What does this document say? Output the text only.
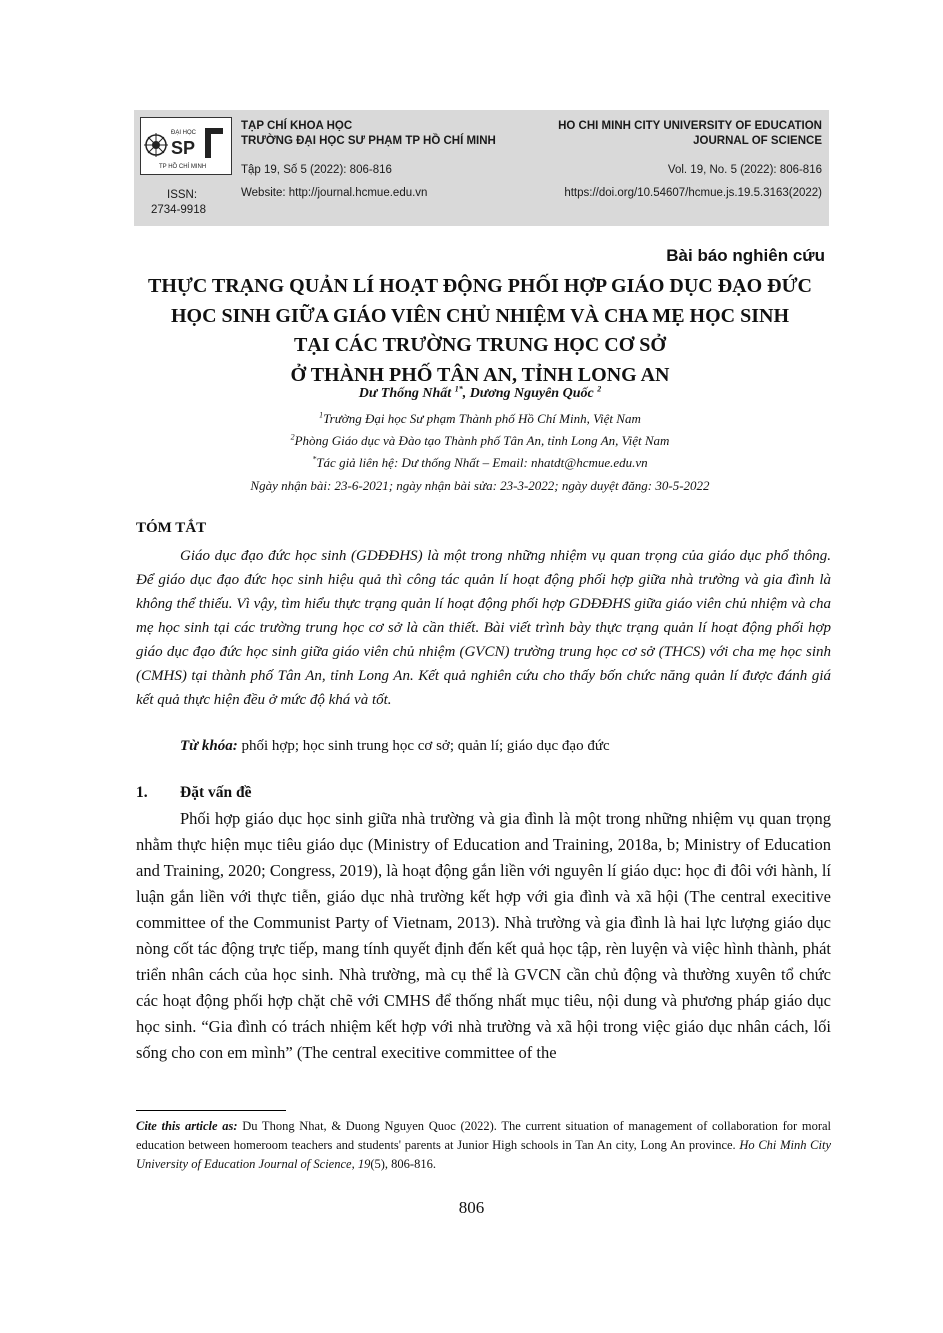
ĐẠI HỌC
SP
TP HỒ CHÍ MINH
ISSN:
2734-9918
TẠP CHÍ KHOA HỌC
TRƯỜNG ĐẠI HỌC SƯ PHẠM TP HỒ CHÍ MINH
Tập 19, Số 5 (2022): 806-816
Website: http://journal.hcmue.edu.vn
HO CHI MINH CITY UNIVERSITY OF EDUCATION
JOURNAL OF SCIENCE
Vol. 19, No. 5 (2022): 806-816
https://doi.org/10.54607/hcmue.js.19.5.3163(2022)
Bài báo nghiên cứu
THỰC TRẠNG QUẢN LÍ HOẠT ĐỘNG PHỐI HỢP GIÁO DỤC ĐẠO ĐỨC
HỌC SINH GIỮA GIÁO VIÊN CHỦ NHIỆM VÀ CHA MẸ HỌC SINH
TẠI CÁC TRƯỜNG TRUNG HỌC CƠ SỞ
Ở THÀNH PHỐ TÂN AN, TỈNH LONG AN
Dư Thống Nhất $^{1*}$, Dương Nguyên Quốc $^2$
$^1$Trường Đại học Sư phạm Thành phố Hồ Chí Minh, Việt Nam
$^2$Phòng Giáo dục và Đào tạo Thành phố Tân An, tỉnh Long An, Việt Nam
*Tác giả liên hệ: Dư thống Nhất – Email: nhatdt@hcmue.edu.vn
Ngày nhận bài: 23-6-2021; ngày nhận bài sửa: 23-3-2022; ngày duyệt đăng: 30-5-2022
TÓM TẮT

Giáo dục đạo đức học sinh (GDĐĐHS) là một trong những nhiệm vụ quan trọng của giáo dục phổ thông. Để giáo dục đạo đức học sinh hiệu quả thì công tác quản lí hoạt động phối hợp giữa nhà trường và gia đình là không thể thiếu. Vì vậy, tìm hiểu thực trạng quản lí hoạt động phối hợp GDĐĐHS giữa giáo viên chủ nhiệm và cha mẹ học sinh tại các trường trung học cơ sở là cần thiết. Bài viết trình bày thực trạng quản lí hoạt động phối hợp giáo dục đạo đức học sinh giữa giáo viên chủ nhiệm (GVCN) trường trung học cơ sở (THCS) với cha mẹ học sinh (CMHS) tại thành phố Tân An, tỉnh Long An. Kết quả nghiên cứu cho thấy bốn chức năng quản lí được đánh giá kết quả thực hiện đều ở mức độ khá và tốt.

Từ khóa: phối hợp; học sinh trung học cơ sở; quản lí; giáo dục đạo đức
1. Đặt vấn đề

Phối hợp giáo dục học sinh giữa nhà trường và gia đình là một trong những nhiệm vụ quan trọng nhằm thực hiện mục tiêu giáo dục (Ministry of Education and Training, 2018a, b; Ministry of Education and Training, 2020; Congress, 2019), là hoạt động gắn liền với nguyên lí giáo dục: học đi đôi với hành, lí luận gắn liền với thực tiễn, giáo dục nhà trường kết hợp với gia đình và xã hội (The central execitive committee of the Communist Party of Vietnam, 2013). Nhà trường và gia đình là hai lực lượng giáo dục nòng cốt tác động trực tiếp, mang tính quyết định đến kết quả học tập, rèn luyện và việc hình thành, phát triển nhân cách của học sinh. Nhà trường, mà cụ thể là GVCN cần chủ động và thường xuyên tổ chức các hoạt động phối hợp chặt chẽ với CMHS để thống nhất mục tiêu, nội dung và phương pháp giáo dục học sinh. “Gia đình có trách nhiệm kết hợp với nhà trường và xã hội trong việc giáo dục nhân cách, lối sống cho con em mình” (The central execitive committee of the

Cite this article as: Du Thong Nhat, & Duong Nguyen Quoc (2022). The current situation of management of collaboration for moral education between homeroom teachers and students' parents at Junior High schools in Tan An city, Long An province. Ho Chi Minh City University of Education Journal of Science, 19(5), 806-816.
806
